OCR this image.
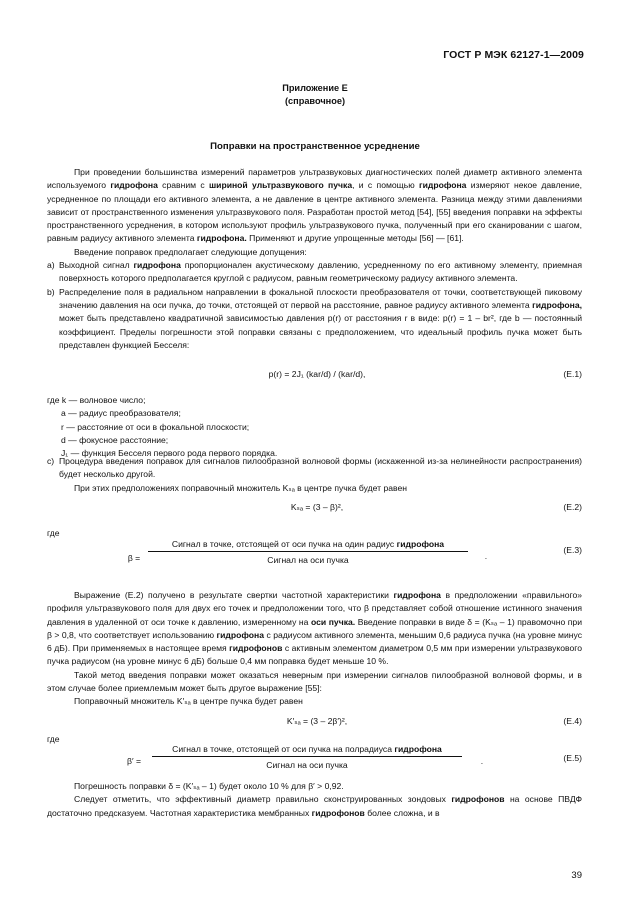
ГОСТ Р МЭК 62127-1—2009
Приложение E
(справочное)
Поправки на пространственное усреднение

При проведении большинства измерений параметров ультразвуковых диагностических полей диаметр активного элемента используемого гидрофона сравним с шириной ультразвукового пучка, и с помощью гидрофона измеряют некое давление, усредненное по площади его активного элемента, а не давление в центре активного элемента. Разница между этими давлениями зависит от пространственного изменения ультразвукового поля. Разработан простой метод [54], [55] введения поправки на эффекты пространственного усреднения, в котором используют профиль ультразвукового пучка, полученный при его сканировании с шагом, равным радиусу активного элемента гидрофона. Применяют и другие упрощенные методы [56] — [61].

Введение поправок предполагает следующие допущения:

a) Выходной сигнал гидрофона пропорционален акустическому давлению, усредненному по его активному элементу, приемная поверхность которого предполагается круглой с радиусом, равным геометрическому радиусу активного элемента.
b) Распределение поля в радиальном направлении в фокальной плоскости преобразователя от точки, соответствующей пиковому значению давления на оси пучка, до точки, отстоящей от первой на расстояние, равное радиусу активного элемента гидрофона, может быть представлено квадратичной зависимостью давления p(r) от расстояния r в виде: p(r) = 1 – br², где b — постоянный коэффициент. Пределы погрешности этой поправки связаны с предположением, что идеальный профиль пучка может быть представлен функцией Бесселя:
p(r) = 2J₁ (kar/d) / (kar/d),	(E.1)
где k — волновое число;
a — радиус преобразователя;
r — расстояние от оси в фокальной плоскости;
d — фокусное расстояние;
J₁ — функция Бесселя первого рода первого порядка.
c) Процедура введения поправок для сигналов пилообразной волновой формы (искаженной из-за нелинейности распространения) будет несколько другой.

При этих предположениях поправочный множитель Kₛₐ в центре пучка будет равен

Kₛₐ = (3 – β)²,	(E.2)
где
β =	.
(E.3)
Сигнал в точке, отстоящей от оси пучка на один радиус гидрофона
Сигнал на оси пучка

Выражение (E.2) получено в результате свертки частотной характеристики гидрофона в предположении «правильного» профиля ультразвукового поля для двух его точек и предположении того, что β представляет собой отношение истинного значения давления в удаленной от оси точке к давлению, измеренному на оси пучка. Введение поправки в виде δ = (Kₛₐ – 1) правомочно при β > 0,8, что соответствует использованию гидрофона с радиусом активного элемента, меньшим 0,6 радиуса пучка (на уровне минус 6 дБ). При применяемых в настоящее время гидрофонов с активным элементом диаметром 0,5 мм при измерении ультразвукового пучка радиусом (на уровне минус 6 дБ) больше 0,4 мм поправка будет меньше 10 %.

Такой метод введения поправки может оказаться неверным при измерении сигналов пилообразной волновой формы, и в этом случае более приемлемым может быть другое выражение [55]:

Поправочный множитель K′ₛₐ в центре пучка будет равен

K′ₛₐ = (3 – 2β′)²,	(E.4)
где
β′ =	.	(E.5)
Сигнал в точке, отстоящей от оси пучка на полрадиуса гидрофона
Сигнал на оси пучка

Погрешность поправки δ = (K′ₛₐ – 1) будет около 10 % для β′ > 0,92.

Следует отметить, что эффективный диаметр правильно сконструированных зондовых гидрофонов на основе ПВДФ достаточно предсказуем. Частотная характеристика мембранных гидрофонов более сложна, и в

39
